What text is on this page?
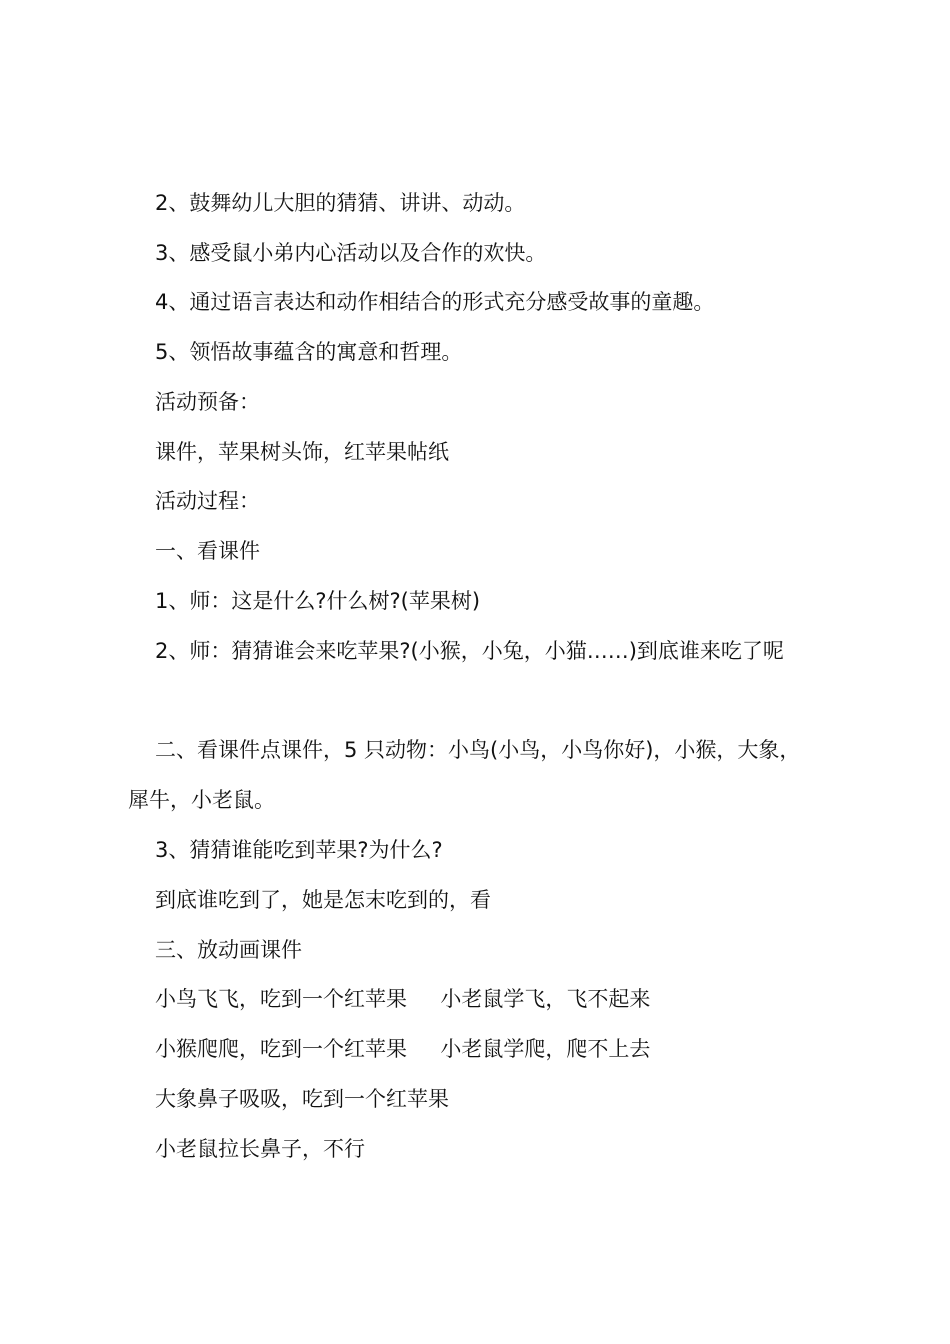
2、鼓舞幼儿大胆的猜猜、讲讲、动动。
3、感受鼠小弟内心活动以及合作的欢快。
4、通过语言表达和动作相结合的形式充分感受故事的童趣。
5、领悟故事蕴含的寓意和哲理。
活动预备：
课件，苹果树头饰，红苹果帖纸
活动过程：
一、看课件
1、师：这是什么?什么树?(苹果树)
2、师：猜猜谁会来吃苹果?(小猴，小兔，小猫……)到底谁来吃了呢
二、看课件点课件，5 只动物：小鸟(小鸟，小鸟你好)，小猴，大象，
犀牛，小老鼠。
3、猜猜谁能吃到苹果?为什么?
到底谁吃到了，她是怎末吃到的，看
三、放动画课件
小鸟飞飞，吃到一个红苹果     小老鼠学飞，飞不起来
小猴爬爬，吃到一个红苹果     小老鼠学爬，爬不上去
大象鼻子吸吸，吃到一个红苹果
小老鼠拉长鼻子，不行
